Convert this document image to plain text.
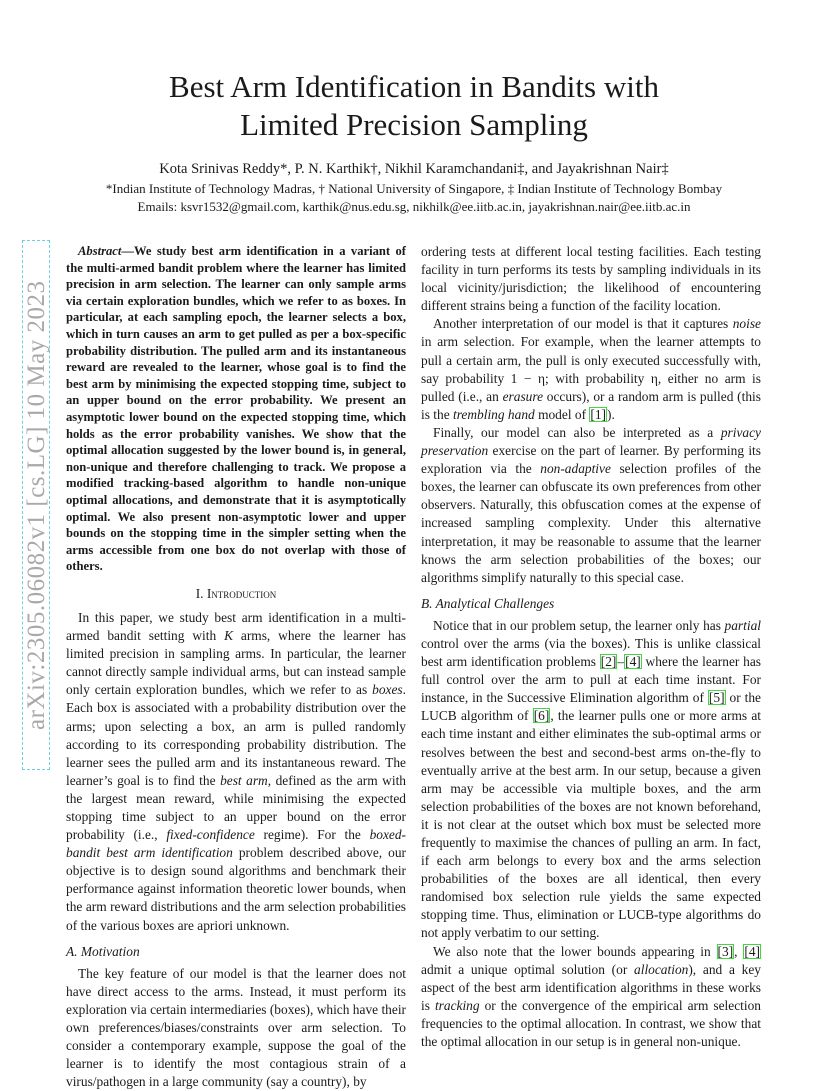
Best Arm Identification in Bandits with
Limited Precision Sampling
Kota Srinivas Reddy*, P. N. Karthik†, Nikhil Karamchandani‡, and Jayakrishnan Nair‡
*Indian Institute of Technology Madras, † National University of Singapore, ‡ Indian Institute of Technology Bombay
Emails: ksvr1532@gmail.com, karthik@nus.edu.sg, nikhilk@ee.iitb.ac.in, jayakrishnan.nair@ee.iitb.ac.in
arXiv:2305.06082v1 [cs.LG] 10 May 2023

Abstract—We study best arm identification in a variant of the multi-armed bandit problem where the learner has limited precision in arm selection. The learner can only sample arms via certain exploration bundles, which we refer to as boxes. In particular, at each sampling epoch, the learner selects a box, which in turn causes an arm to get pulled as per a box-specific probability distribution. The pulled arm and its instantaneous reward are revealed to the learner, whose goal is to find the best arm by minimising the expected stopping time, subject to an upper bound on the error probability. We present an asymptotic lower bound on the expected stopping time, which holds as the error probability vanishes. We show that the optimal allocation suggested by the lower bound is, in general, non-unique and therefore challenging to track. We propose a modified tracking-based algorithm to handle non-unique optimal allocations, and demonstrate that it is asymptotically optimal. We also present non-asymptotic lower and upper bounds on the stopping time in the simpler setting when the arms accessible from one box do not overlap with those of others.

I. Introduction

In this paper, we study best arm identification in a multi-armed bandit setting with K arms, where the learner has limited precision in sampling arms. In particular, the learner cannot directly sample individual arms, but can instead sample only certain exploration bundles, which we refer to as boxes. Each box is associated with a probability distribution over the arms; upon selecting a box, an arm is pulled randomly according to its corresponding probability distribution. The learner sees the pulled arm and its instantaneous reward. The learner’s goal is to find the best arm, defined as the arm with the largest mean reward, while minimising the expected stopping time subject to an upper bound on the error probability (i.e., fixed-confidence regime). For the boxed-bandit best arm identification problem described above, our objective is to design sound algorithms and benchmark their performance against information theoretic lower bounds, when the arm reward distributions and the arm selection probabilities of the various boxes are apriori unknown.

A. Motivation

The key feature of our model is that the learner does not have direct access to the arms. Instead, it must perform its exploration via certain intermediaries (boxes), which have their own preferences/biases/constraints over arm selection. To consider a contemporary example, suppose the goal of the learner is to identify the most contagious strain of a virus/pathogen in a large community (say a country), by

ordering tests at different local testing facilities. Each testing facility in turn performs its tests by sampling individuals in its local vicinity/jurisdiction; the likelihood of encountering different strains being a function of the facility location.

Another interpretation of our model is that it captures noise in arm selection. For example, when the learner attempts to pull a certain arm, the pull is only executed successfully with, say probability 1 − η; with probability η, either no arm is pulled (i.e., an erasure occurs), or a random arm is pulled (this is the trembling hand model of [1]).

Finally, our model can also be interpreted as a privacy preservation exercise on the part of learner. By performing its exploration via the non-adaptive selection profiles of the boxes, the learner can obfuscate its own preferences from other observers. Naturally, this obfuscation comes at the expense of increased sampling complexity. Under this alternative interpretation, it may be reasonable to assume that the learner knows the arm selection probabilities of the boxes; our algorithms simplify naturally to this special case.

B. Analytical Challenges

Notice that in our problem setup, the learner only has partial control over the arms (via the boxes). This is unlike classical best arm identification problems [2]–[4] where the learner has full control over the arm to pull at each time instant. For instance, in the Successive Elimination algorithm of [5] or the LUCB algorithm of [6], the learner pulls one or more arms at each time instant and either eliminates the sub-optimal arms or resolves between the best and second-best arms on-the-fly to eventually arrive at the best arm. In our setup, because a given arm may be accessible via multiple boxes, and the arm selection probabilities of the boxes are not known beforehand, it is not clear at the outset which box must be selected more frequently to maximise the chances of pulling an arm. In fact, if each arm belongs to every box and the arms selection probabilities of the boxes are all identical, then every randomised box selection rule yields the same expected stopping time. Thus, elimination or LUCB-type algorithms do not apply verbatim to our setting.

We also note that the lower bounds appearing in [3], [4] admit a unique optimal solution (or allocation), and a key aspect of the best arm identification algorithms in these works is tracking or the convergence of the empirical arm selection frequencies to the optimal allocation. In contrast, we show that the optimal allocation in our setup is in general non-unique.
